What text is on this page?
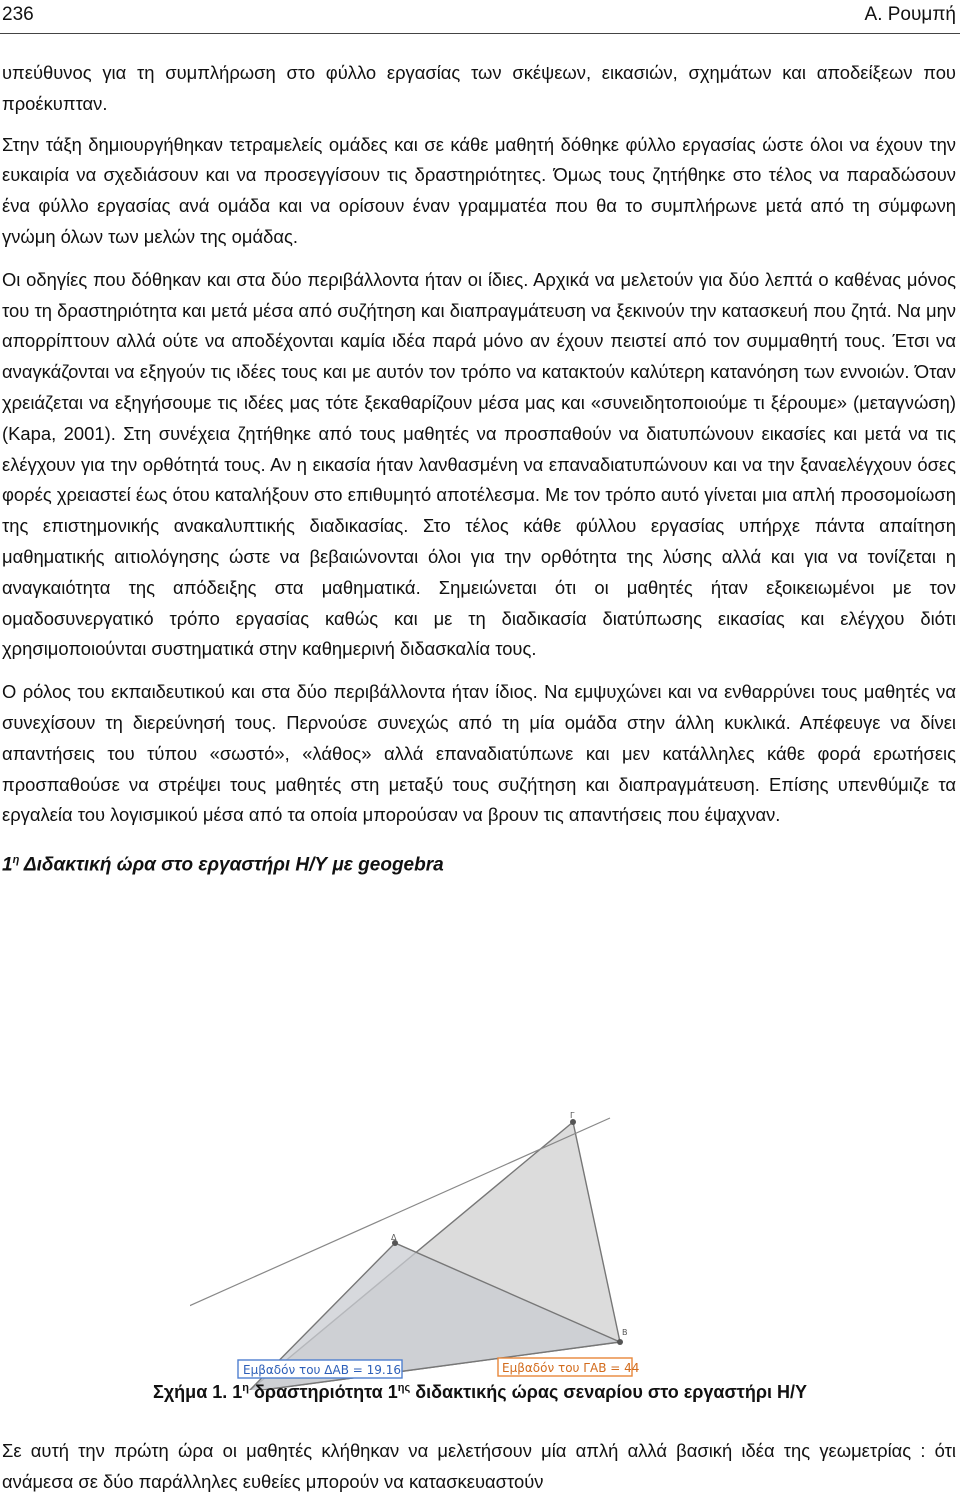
236	Α. Ρουμπή

υπεύθυνος για τη συμπλήρωση στο φύλλο εργασίας των σκέψεων, εικασιών, σχημάτων και αποδείξεων που προέκυπταν.

Στην τάξη δημιουργήθηκαν τετραμελείς ομάδες και σε κάθε μαθητή δόθηκε φύλλο εργασίας ώστε όλοι να έχουν την ευκαιρία να σχεδιάσουν και να προσεγγίσουν τις δραστηριότητες. Όμως τους ζητήθηκε στο τέλος να παραδώσουν ένα φύλλο εργασίας ανά ομάδα και να ορίσουν έναν γραμματέα που θα το συμπλήρωνε μετά από τη σύμφωνη γνώμη όλων των μελών της ομάδας.

Οι οδηγίες που δόθηκαν και στα δύο περιβάλλοντα ήταν οι ίδιες. Αρχικά να μελετούν για δύο λεπτά ο καθένας μόνος του τη δραστηριότητα και μετά μέσα από συζήτηση και διαπραγμάτευση να ξεκινούν την κατασκευή που ζητά. Να μην απορρίπτουν αλλά ούτε να αποδέχονται καμία ιδέα παρά μόνο αν έχουν πειστεί από τον συμμαθητή τους. Έτσι να αναγκάζονται να εξηγούν τις ιδέες τους και με αυτόν τον τρόπο να κατακτούν καλύτερη κατανόηση των εννοιών. Όταν χρειάζεται να εξηγήσουμε τις ιδέες μας τότε ξεκαθαρίζουν μέσα μας και «συνειδητοποιούμε τι ξέρουμε» (μεταγνώση) (Kapa, 2001). Στη συνέχεια ζητήθηκε από τους μαθητές να προσπαθούν να διατυπώνουν εικασίες και μετά να τις ελέγχουν για την ορθότητά τους. Αν η εικασία ήταν λανθασμένη να επαναδιατυπώνουν και να την ξαναελέγχουν όσες φορές χρειαστεί έως ότου καταλήξουν στο επιθυμητό αποτέλεσμα. Με τον τρόπο αυτό γίνεται μια απλή προσομοίωση της επιστημονικής ανακαλυπτικής διαδικασίας. Στο τέλος κάθε φύλλου εργασίας υπήρχε πάντα απαίτηση μαθηματικής αιτιολόγησης ώστε να βεβαιώνονται όλοι για την ορθότητα της λύσης αλλά και για να τονίζεται η αναγκαιότητα της απόδειξης στα μαθηματικά. Σημειώνεται ότι οι μαθητές ήταν εξοικειωμένοι με τον ομαδοσυνεργατικό τρόπο εργασίας καθώς και με τη διαδικασία διατύπωσης εικασίας και ελέγχου διότι χρησιμοποιούνται συστηματικά στην καθημερινή διδασκαλία τους.

Ο ρόλος του εκπαιδευτικού και στα δύο περιβάλλοντα ήταν ίδιος. Να εμψυχώνει και να ενθαρρύνει τους μαθητές να συνεχίσουν τη διερεύνησή τους. Περνούσε συνεχώς από τη μία ομάδα στην άλλη κυκλικά. Απέφευγε να δίνει απαντήσεις του τύπου «σωστό», «λάθος» αλλά επαναδιατύπωνε και μεν κατάλληλες κάθε φορά ερωτήσεις προσπαθούσε να στρέψει τους μαθητές στη μεταξύ τους συζήτηση και διαπραγμάτευση. Επίσης υπενθύμιζε τα εργαλεία του λογισμικού μέσα από τα οποία μπορούσαν να βρουν τις απαντήσεις που έψαχναν.

$1^\eta$ Διδακτική ώρα στο εργαστήρι Η/Υ με geogebra
Γ
Δ
Β
Εμβαδόν του ΔΑΒ = 19.16	Εμβαδόν του ΓΑΒ = 44
Σχήμα 1. $1^\eta$ δραστηριότητα $1^{\eta\varsigma}$ διδακτικής ώρας σεναρίου στο εργαστήρι Η/Υ
Σε αυτή την πρώτη ώρα οι μαθητές κλήθηκαν να μελετήσουν μία απλή αλλά βασική ιδέα της γεωμετρίας : ότι ανάμεσα σε δύο παράλληλες ευθείες μπορούν να κατασκευαστούν
